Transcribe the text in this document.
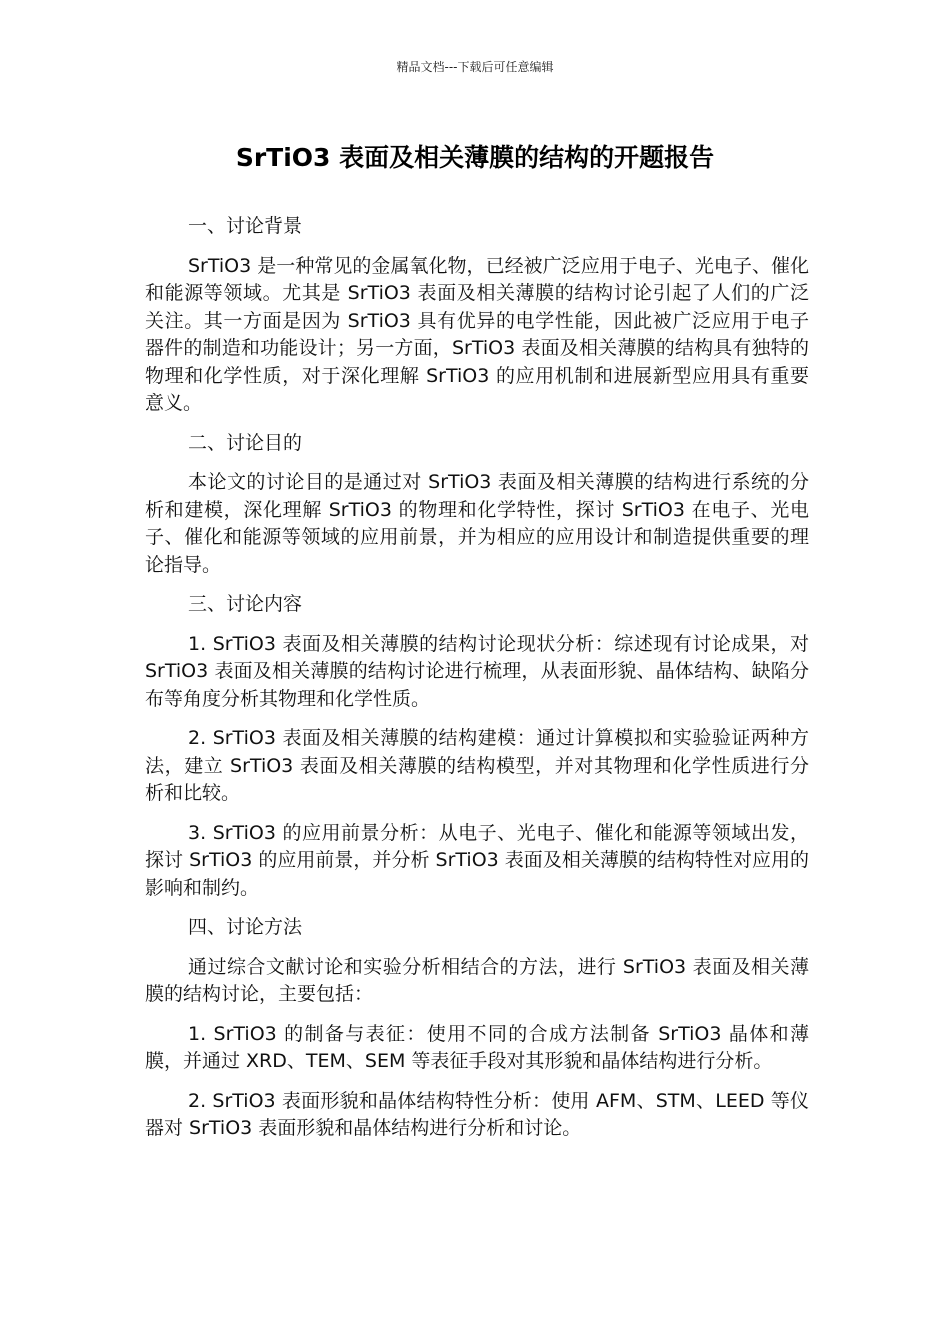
精品文档---下载后可任意编辑
SrTiO3 表面及相关薄膜的结构的开题报告

一、讨论背景

SrTiO3 是一种常见的金属氧化物，已经被广泛应用于电子、光电子、催化和能源等领域。尤其是 SrTiO3 表面及相关薄膜的结构讨论引起了人们的广泛关注。其一方面是因为 SrTiO3 具有优异的电学性能，因此被广泛应用于电子器件的制造和功能设计；另一方面，SrTiO3 表面及相关薄膜的结构具有独特的物理和化学性质，对于深化理解 SrTiO3 的应用机制和进展新型应用具有重要意义。

二、讨论目的

本论文的讨论目的是通过对 SrTiO3 表面及相关薄膜的结构进行系统的分析和建模，深化理解 SrTiO3 的物理和化学特性，探讨 SrTiO3 在电子、光电子、催化和能源等领域的应用前景，并为相应的应用设计和制造提供重要的理论指导。

三、讨论内容

1. SrTiO3 表面及相关薄膜的结构讨论现状分析：综述现有讨论成果，对 SrTiO3 表面及相关薄膜的结构讨论进行梳理，从表面形貌、晶体结构、缺陷分布等角度分析其物理和化学性质。

2. SrTiO3 表面及相关薄膜的结构建模：通过计算模拟和实验验证两种方法，建立 SrTiO3 表面及相关薄膜的结构模型，并对其物理和化学性质进行分析和比较。

3. SrTiO3 的应用前景分析：从电子、光电子、催化和能源等领域出发，探讨 SrTiO3 的应用前景，并分析 SrTiO3 表面及相关薄膜的结构特性对应用的影响和制约。

四、讨论方法

通过综合文献讨论和实验分析相结合的方法，进行 SrTiO3 表面及相关薄膜的结构讨论，主要包括：

1. SrTiO3 的制备与表征：使用不同的合成方法制备 SrTiO3 晶体和薄膜，并通过 XRD、TEM、SEM 等表征手段对其形貌和晶体结构进行分析。

2. SrTiO3 表面形貌和晶体结构特性分析：使用 AFM、STM、LEED 等仪器对 SrTiO3 表面形貌和晶体结构进行分析和讨论。
